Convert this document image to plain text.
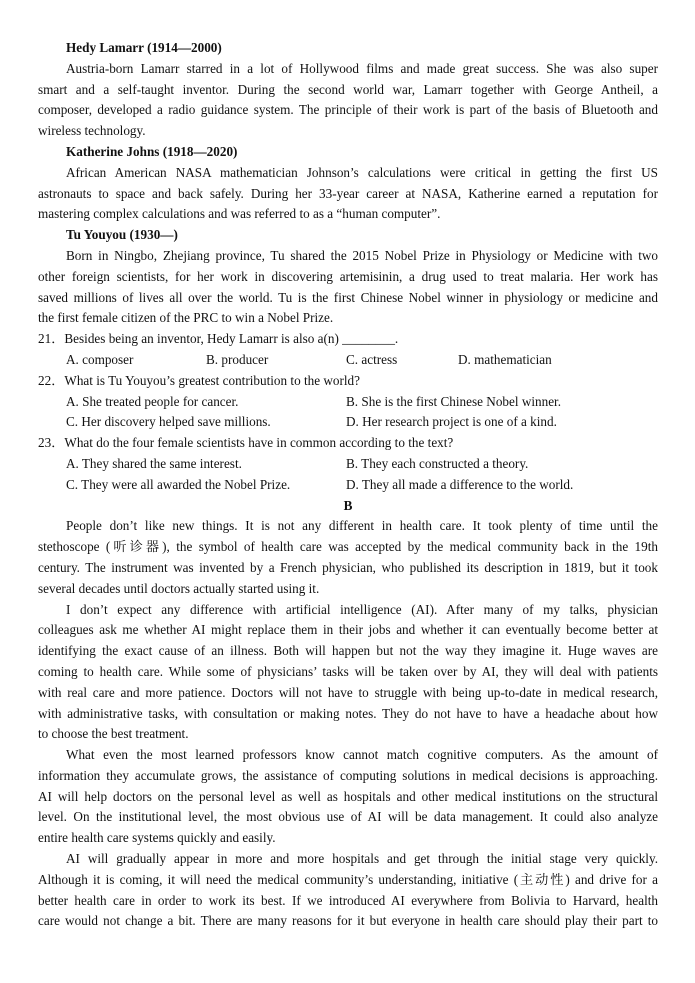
Hedy Lamarr (1914—2000)
Austria-born Lamarr starred in a lot of Hollywood films and made great success. She was also super
smart and a self-taught inventor. During the second world war, Lamarr together with George Antheil, a
composer, developed a radio guidance system. The principle of their work is part of the basis of Bluetooth and
wireless technology.
Katherine Johns (1918—2020)
African American NASA mathematician Johnson’s calculations were critical in getting the first US
astronauts to space and back safely. During her 33-year career at NASA, Katherine earned a reputation for
mastering complex calculations and was referred to as a “human computer”.
Tu Youyou (1930—)
Born in Ningbo, Zhejiang province, Tu shared the 2015 Nobel Prize in Physiology or Medicine with two
other foreign scientists, for her work in discovering artemisinin, a drug used to treat malaria. Her work has
saved millions of lives all over the world. Tu is the first Chinese Nobel winner in physiology or medicine and
the first female citizen of the PRC to win a Nobel Prize.
21．Besides being an inventor, Hedy Lamarr is also a(n) ________.
A. composer	B. producer	C. actress	D. mathematician
22．What is Tu Youyou’s greatest contribution to the world?
A. She treated people for cancer.	B. She is the first Chinese Nobel winner.
C. Her discovery helped save millions.	D. Her research project is one of a kind.
23．What do the four female scientists have in common according to the text?
A. They shared the same interest.	B. They each constructed a theory.
C. They were all awarded the Nobel Prize.	D. They all made a difference to the world.
B
People don’t like new things. It is not any different in health care. It took plenty of time until the
stethoscope (听诊器), the symbol of health care was accepted by the medical community back in the 19th
century. The instrument was invented by a French physician, who published its description in 1819, but it took
several decades until doctors actually started using it.
I don’t expect any difference with artificial intelligence (AI). After many of my talks, physician
colleagues ask me whether AI might replace them in their jobs and whether it can eventually become better at
identifying the exact cause of an illness. Both will happen but not the way they imagine it. Huge waves are
coming to health care. While some of physicians’ tasks will be taken over by AI, they will deal with patients
with real care and more patience. Doctors will not have to struggle with being up-to-date in medical research,
with administrative tasks, with consultation or making notes. They do not have to have a headache about how
to choose the best treatment.
What even the most learned professors know cannot match cognitive computers. As the amount of
information they accumulate grows, the assistance of computing solutions in medical decisions is approaching.
AI will help doctors on the personal level as well as hospitals and other medical institutions on the structural
level. On the institutional level, the most obvious use of AI will be data management. It could also analyze
entire health care systems quickly and easily.
AI will gradually appear in more and more hospitals and get through the initial stage very quickly.
Although it is coming, it will need the medical community’s understanding, initiative (主动性) and drive for a
better health care in order to work its best. If we introduced AI everywhere from Bolivia to Harvard, health
care would not change a bit. There are many reasons for it but everyone in health care should play their part to
